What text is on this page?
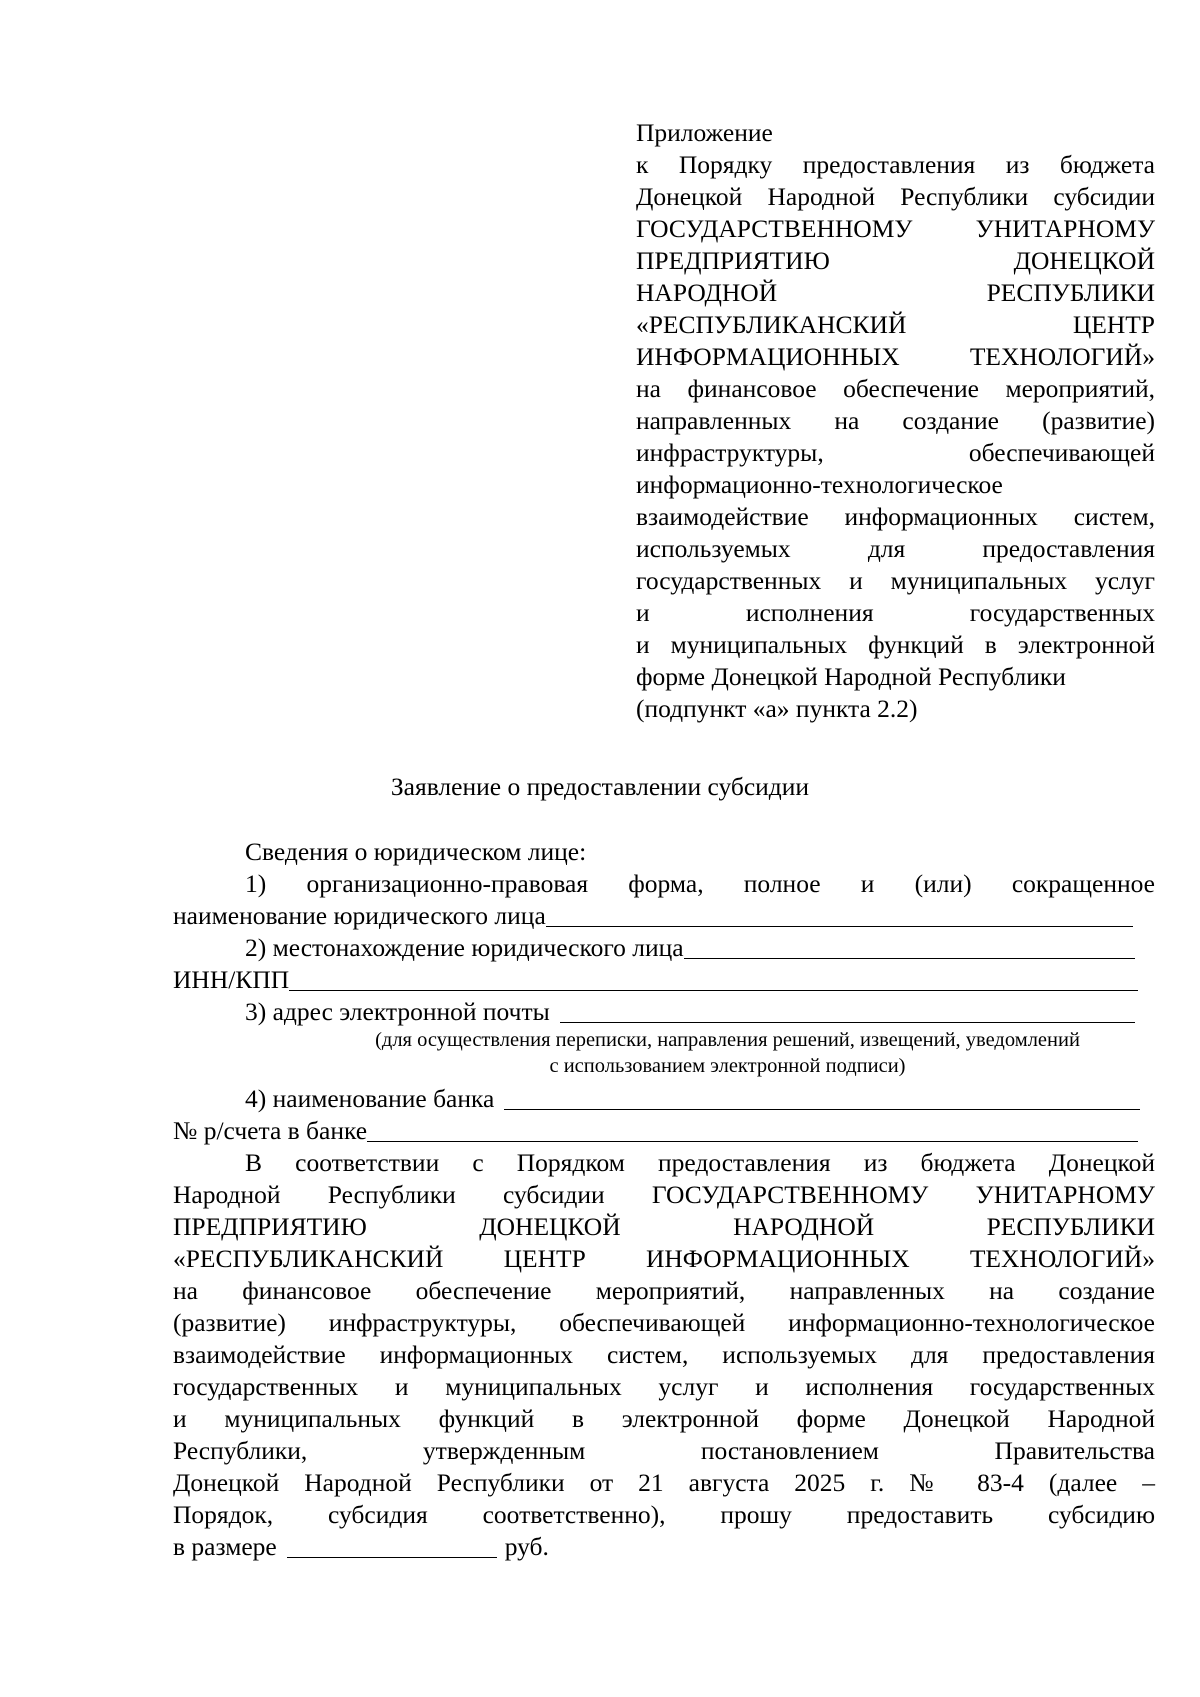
Приложение
к Порядку предоставления из бюджета
Донецкой Народной Республики субсидии
ГОСУДАРСТВЕННОМУ УНИТАРНОМУ
ПРЕДПРИЯТИЮ ДОНЕЦКОЙ
НАРОДНОЙ РЕСПУБЛИКИ
«РЕСПУБЛИКАНСКИЙ ЦЕНТР
ИНФОРМАЦИОННЫХ ТЕХНОЛОГИЙ»
на финансовое обеспечение мероприятий,
направленных на создание (развитие)
инфраструктуры, обеспечивающей
информационно-технологическое
взаимодействие информационных систем,
используемых для предоставления
государственных и муниципальных услуг
и исполнения государственных
и муниципальных функций в электронной
форме Донецкой Народной Республики
(подпункт «а» пункта 2.2)
Заявление о предоставлении субсидии
Сведения о юридическом лице:
1) организационно-правовая форма, полное и (или) сокращенное
наименование юридического лица
2) местонахождение юридического лица
ИНН/КПП
3) адрес электронной почты
(для осуществления переписки, направления решений, извещений, уведомлений
с использованием электронной подписи)
4) наименование банка
№ р/счета в банке
В соответствии с Порядком предоставления из бюджета Донецкой
Народной Республики субсидии ГОСУДАРСТВЕННОМУ УНИТАРНОМУ
ПРЕДПРИЯТИЮ ДОНЕЦКОЙ НАРОДНОЙ РЕСПУБЛИКИ
«РЕСПУБЛИКАНСКИЙ ЦЕНТР ИНФОРМАЦИОННЫХ ТЕХНОЛОГИЙ»
на финансовое обеспечение мероприятий, направленных на создание
(развитие) инфраструктуры, обеспечивающей информационно-технологическое
взаимодействие информационных систем, используемых для предоставления
государственных и муниципальных услуг и исполнения государственных
и муниципальных функций в электронной форме Донецкой Народной
Республики, утвержденным постановлением Правительства
Донецкой Народной Республики от 21 августа 2025 г. № 83-4 (далее –
Порядок, субсидия соответственно), прошу предоставить субсидию
в размере	руб.
